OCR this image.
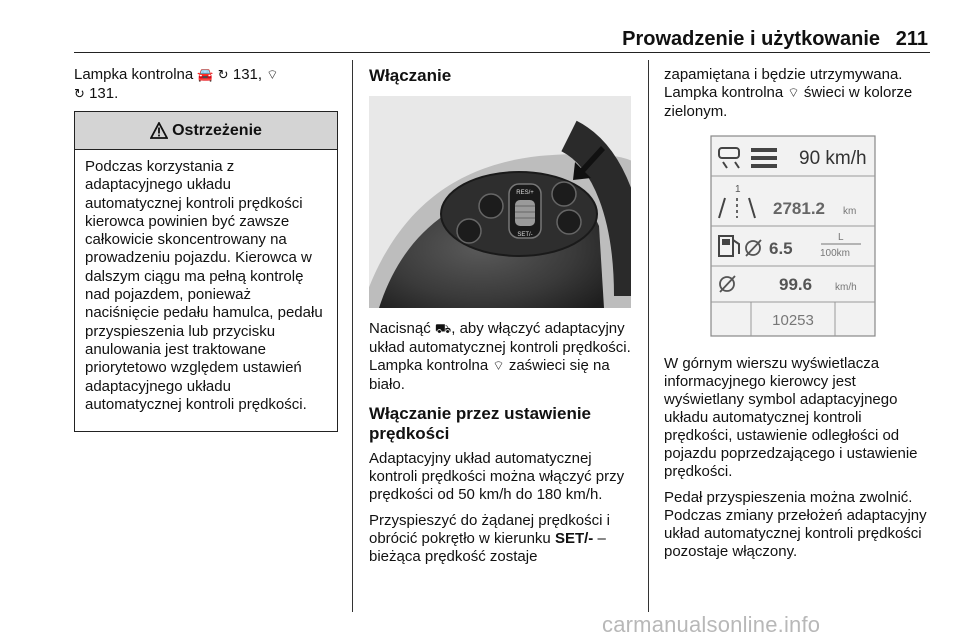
Prowadzenie i użytkowanie 211
Lampka kontrolna 🚘 ↻ 131, ⌔
↻ 131.
Ostrzeżenie
Podczas korzystania z adaptacyjnego układu automatycznej kontroli prędkości kierowca powinien być zawsze całkowicie skoncentrowany na prowadzeniu pojazdu. Kierowca w dalszym ciągu ma pełną kontrolę nad pojazdem, ponieważ naciśnięcie pedału hamulca, pedału przyspieszenia lub przycisku anulowania jest traktowane priorytetowo względem ustawień adaptacyjnego układu automatycznej kontroli prędkości.
Włączanie
RES/+
SET/-

Nacisnąć ⛟, aby włączyć adaptacyjny układ automatycznej kontroli prędkości. Lampka kontrolna ⌔ zaświeci się na biało.

Włączanie przez ustawienie prędkości

Adaptacyjny układ automatycznej kontroli prędkości można włączyć przy prędkości od 50 km/h do 180 km/h.

Przyspieszyć do żądanej prędkości i obrócić pokrętło w kierunku SET/- – bieżąca prędkość zostaje

zapamiętana i będzie utrzymywana. Lampka kontrolna ⌔ świeci w kolorze zielonym.

90 km/h
1
2781.2 km
6.5
L
100km
99.6 km/h
10253

W górnym wierszu wyświetlacza informacyjnego kierowcy jest wyświetlany symbol adaptacyjnego układu automatycznej kontroli prędkości, ustawienie odległości od pojazdu poprzedzającego i ustawienie prędkości.

Pedał przyspieszenia można zwolnić. Podczas zmiany przełożeń adaptacyjny układ automatycznej kontroli prędkości pozostaje włączony.

carmanualsonline.info
